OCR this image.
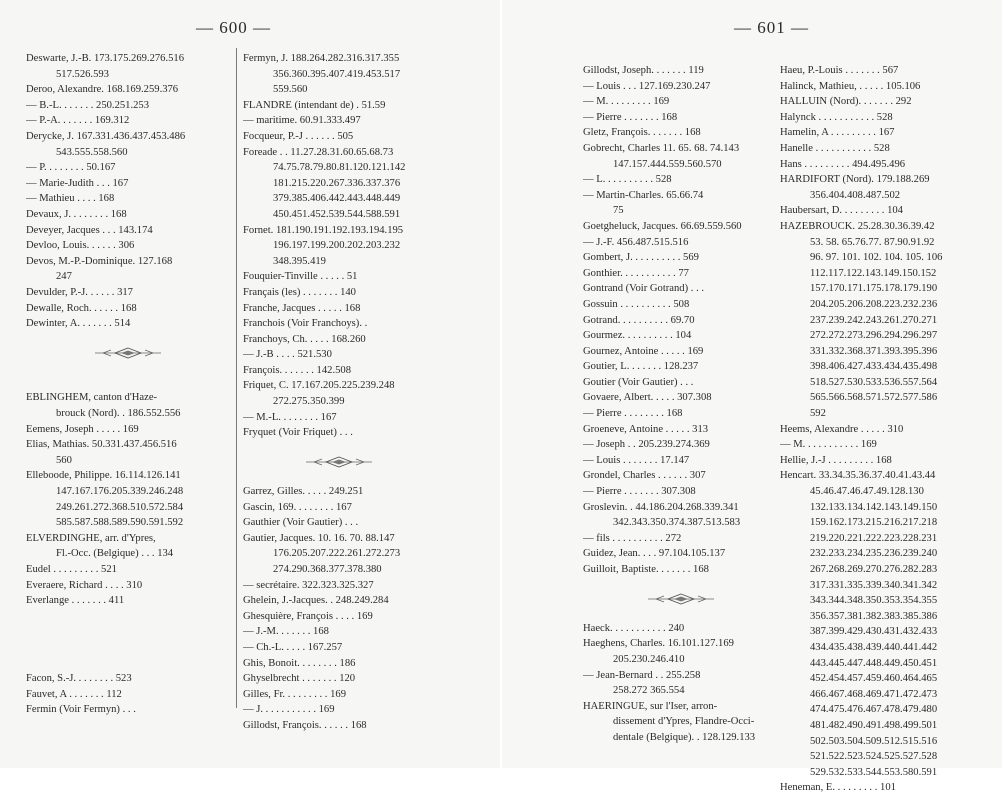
— 600 —
Deswarte, J.-B. 173.175.269.276.516
517.526.593
Deroo, Alexandre. 168.169.259.376
— B.-L. . . . . . . 250.251.253
— P.-A. . . . . . . 169.312
Derycke, J. 167.331.436.437.453.486
543.555.558.560
— P. . . . . . . . 50.167
— Marie-Judith . . . 167
— Mathieu . . . . 168
Devaux, J. . . . . . . . 168
Deveyer, Jacques . . . 143.174
Devloo, Louis. . . . . . 306
Devos, M.-P.-Dominique. 127.168
247
Devulder, P.-J. . . . . . 317
Dewalle, Roch. . . . . . 168
Dewinter, A. . . . . . . 514

EBLINGHEM, canton d'Haze-
brouck (Nord). . 186.552.556
Eemens, Joseph . . . . . 169
Elias, Mathias. 50.331.437.456.516
560
Elleboode, Philippe. 16.114.126.141
147.167.176.205.339.246.248
249.261.272.368.510.572.584
585.587.588.589.590.591.592
ELVERDINGHE, arr. d'Ypres,
Fl.-Occ. (Belgique) . . . 134
Eudel . . . . . . . . . 521
Everaere, Richard . . . . 310
Everlange . . . . . . . 411

Facon, S.-J. . . . . . . . 523
Fauvet, A . . . . . . . 112
Fermin (Voir Fermyn) . . .
Fermyn, J. 188.264.282.316.317.355
356.360.395.407.419.453.517
559.560
FLANDRE (intendant de) . 51.59
— maritime. 60.91.333.497
Focqueur, P.-J . . . . . . 505
Foreade . . 11.27.28.31.60.65.68.73
74.75.78.79.80.81.120.121.142
181.215.220.267.336.337.376
379.385.406.442.443.448.449
450.451.452.539.544.588.591
Fornet. 181.190.191.192.193.194.195
196.197.199.200.202.203.232
348.395.419
Fouquier-Tinville . . . . . 51
Français (les) . . . . . . . 140
Franche, Jacques . . . . . 168
Franchois (Voir Franchoys). .
Franchoys, Ch. . . . . 168.260
— J.-B . . . . 521.530
François. . . . . . . 142.508
Friquet, C. 17.167.205.225.239.248
272.275.350.399
— M.-L. . . . . . . . 167
Fryquet (Voir Friquet) . . .

Garrez, Gilles. . . . . 249.251
Gascin, 169. . . . . . . . 167
Gauthier (Voir Gautier) . . .
Gautier, Jacques. 10. 16. 70. 88.147
176.205.207.222.261.272.273
274.290.368.377.378.380
— secrétaire. 322.323.325.327
Ghelein, J.-Jacques. . 248.249.284
Ghesquière, François . . . . 169
— J.-M. . . . . . . 168
— Ch.-L. . . . . 167.257
Ghis, Bonoit. . . . . . . . 186
Ghyselbrecht . . . . . . . 120
Gilles, Fr. . . . . . . . . 169
— J. . . . . . . . . . . 169
Gillodst, François. . . . . . 168
— 601 —
Gillodst, Joseph. . . . . . . 119
— Louis . . . 127.169.230.247
— M. . . . . . . . . 169
— Pierre . . . . . . . 168
Gletz, François. . . . . . . 168
Gobrecht, Charles 11. 65. 68. 74.143
147.157.444.559.560.570
— L. . . . . . . . . . 528
— Martin-Charles. 65.66.74
75
Goetgheluck, Jacques. 66.69.559.560
— J.-F. 456.487.515.516
Gombert, J. . . . . . . . . . 569
Gonthier. . . . . . . . . . . 77
Gontrand (Voir Gotrand) . . .
Gossuin . . . . . . . . . . 508
Gotrand. . . . . . . . . . 69.70
Gourmez. . . . . . . . . . 104
Gournez, Antoine . . . . . 169
Goutier, L. . . . . . . 128.237
Goutier (Voir Gautier) . . .
Govaere, Albert. . . . . 307.308
— Pierre . . . . . . . . 168
Groeneve, Antoine . . . . . 313
— Joseph . . 205.239.274.369
— Louis . . . . . . . 17.147
Grondel, Charles . . . . . . 307
— Pierre . . . . . . . 307.308
Groslevin. . 44.186.204.268.339.341
342.343.350.374.387.513.583
— fils . . . . . . . . . . 272
Guidez, Jean. . . . 97.104.105.137
Guilloit, Baptiste. . . . . . . 168

Haeck. . . . . . . . . . . 240
Haeghens, Charles. 16.101.127.169
205.230.246.410
— Jean-Bernard . . 255.258
258.272 365.554
HAERINGUE, sur l'Iser, arron-
dissement d'Ypres, Flandre-Occi-
dentale (Belgique). . 128.129.133
Haeu, P.-Louis . . . . . . . 567
Halinck, Mathieu, . . . . . 105.106
HALLUIN (Nord). . . . . . . 292
Halynck . . . . . . . . . . . 528
Hamelin, A . . . . . . . . . 167
Hanelle . . . . . . . . . . . 528
Hans . . . . . . . . . 494.495.496
HARDIFORT (Nord). 179.188.269
356.404.408.487.502
Haubersart, D. . . . . . . . . 104
HAZEBROUCK. 25.28.30.36.39.42
53. 58. 65.76.77. 87.90.91.92
96. 97. 101. 102. 104. 105. 106
112.117.122.143.149.150.152
157.170.171.175.178.179.190
204.205.206.208.223.232.236
237.239.242.243.261.270.271
272.272.273.296.294.296.297
331.332.368.371.393.395.396
398.406.427.433.434.435.498
518.527.530.533.536.557.564
565.566.568.571.572.577.586
592
Heems, Alexandre . . . . . 310
— M. . . . . . . . . . . 169
Hellie, J.-J . . . . . . . . . 168
Hencart. 33.34.35.36.37.40.41.43.44
45.46.47.46.47.49.128.130
132.133.134.142.143.149.150
159.162.173.215.216.217.218
219.220.221.222.223.228.231
232.233.234.235.236.239.240
267.268.269.270.276.282.283
317.331.335.339.340.341.342
343.344.348.350.353.354.355
356.357.381.382.383.385.386
387.399.429.430.431.432.433
434.435.438.439.440.441.442
443.445.447.448.449.450.451
452.454.457.459.460.464.465
466.467.468.469.471.472.473
474.475.476.467.478.479.480
481.482.490.491.498.499.501
502.503.504.509.512.515.516
521.522.523.524.525.527.528
529.532.533.544.553.580.591
Heneman, E. . . . . . . . . 101
